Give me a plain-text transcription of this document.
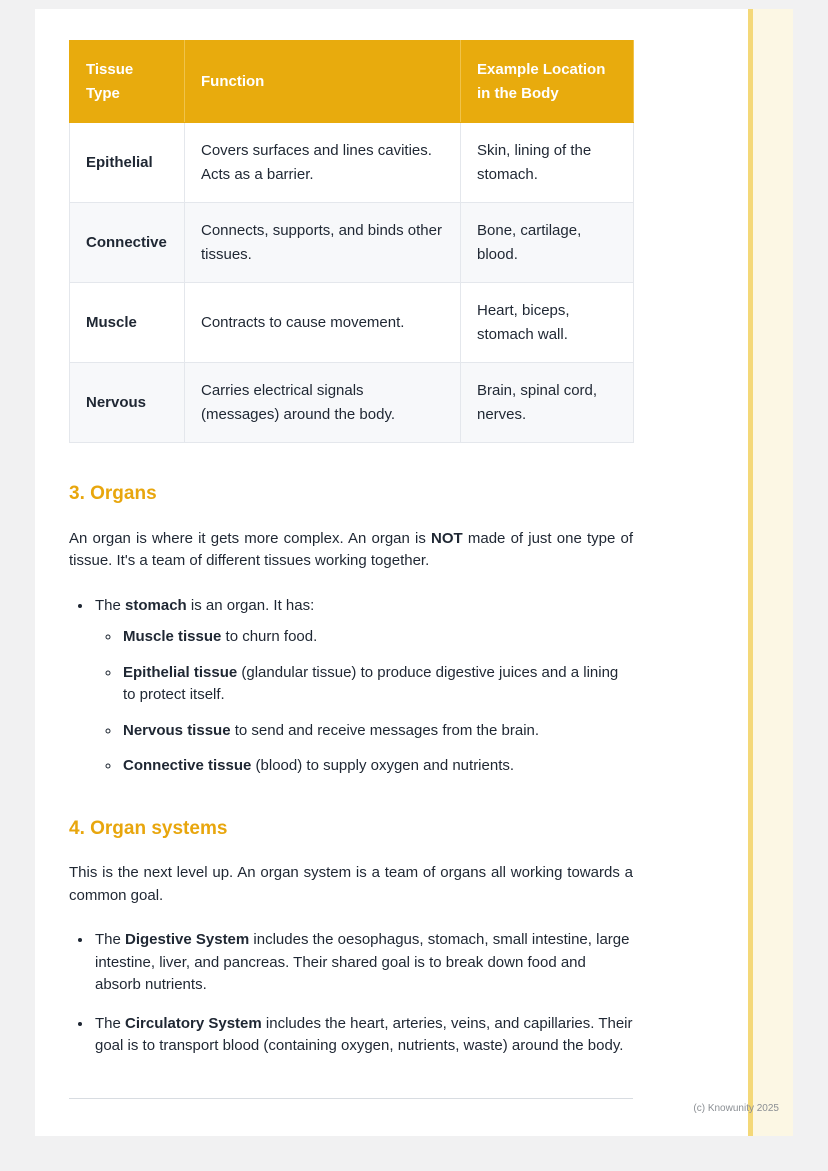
Tissue Type	Function	Example Location in the Body
Epithelial	Covers surfaces and lines cavities. Acts as a barrier.	Skin, lining of the stomach.
Connective	Connects, supports, and binds other tissues.	Bone, cartilage, blood.
Muscle	Contracts to cause movement.	Heart, biceps, stomach wall.
Nervous	Carries electrical signals (messages) around the body.	Brain, spinal cord, nerves.
3. Organs

An organ is where it gets more complex. An organ is NOT made of just one type of tissue. It's a team of different tissues working together.

• The stomach is an organ. It has:
◦ Muscle tissue to churn food.
◦ Epithelial tissue (glandular tissue) to produce digestive juices and a lining to protect itself.
◦ Nervous tissue to send and receive messages from the brain.
◦ Connective tissue (blood) to supply oxygen and nutrients.
4. Organ systems

This is the next level up. An organ system is a team of organs all working towards a common goal.

• The Digestive System includes the oesophagus, stomach, small intestine, large intestine, liver, and pancreas. Their shared goal is to break down food and absorb nutrients.
• The Circulatory System includes the heart, arteries, veins, and capillaries. Their goal is to transport blood (containing oxygen, nutrients, waste) around the body.
(c) Knowunity 2025
